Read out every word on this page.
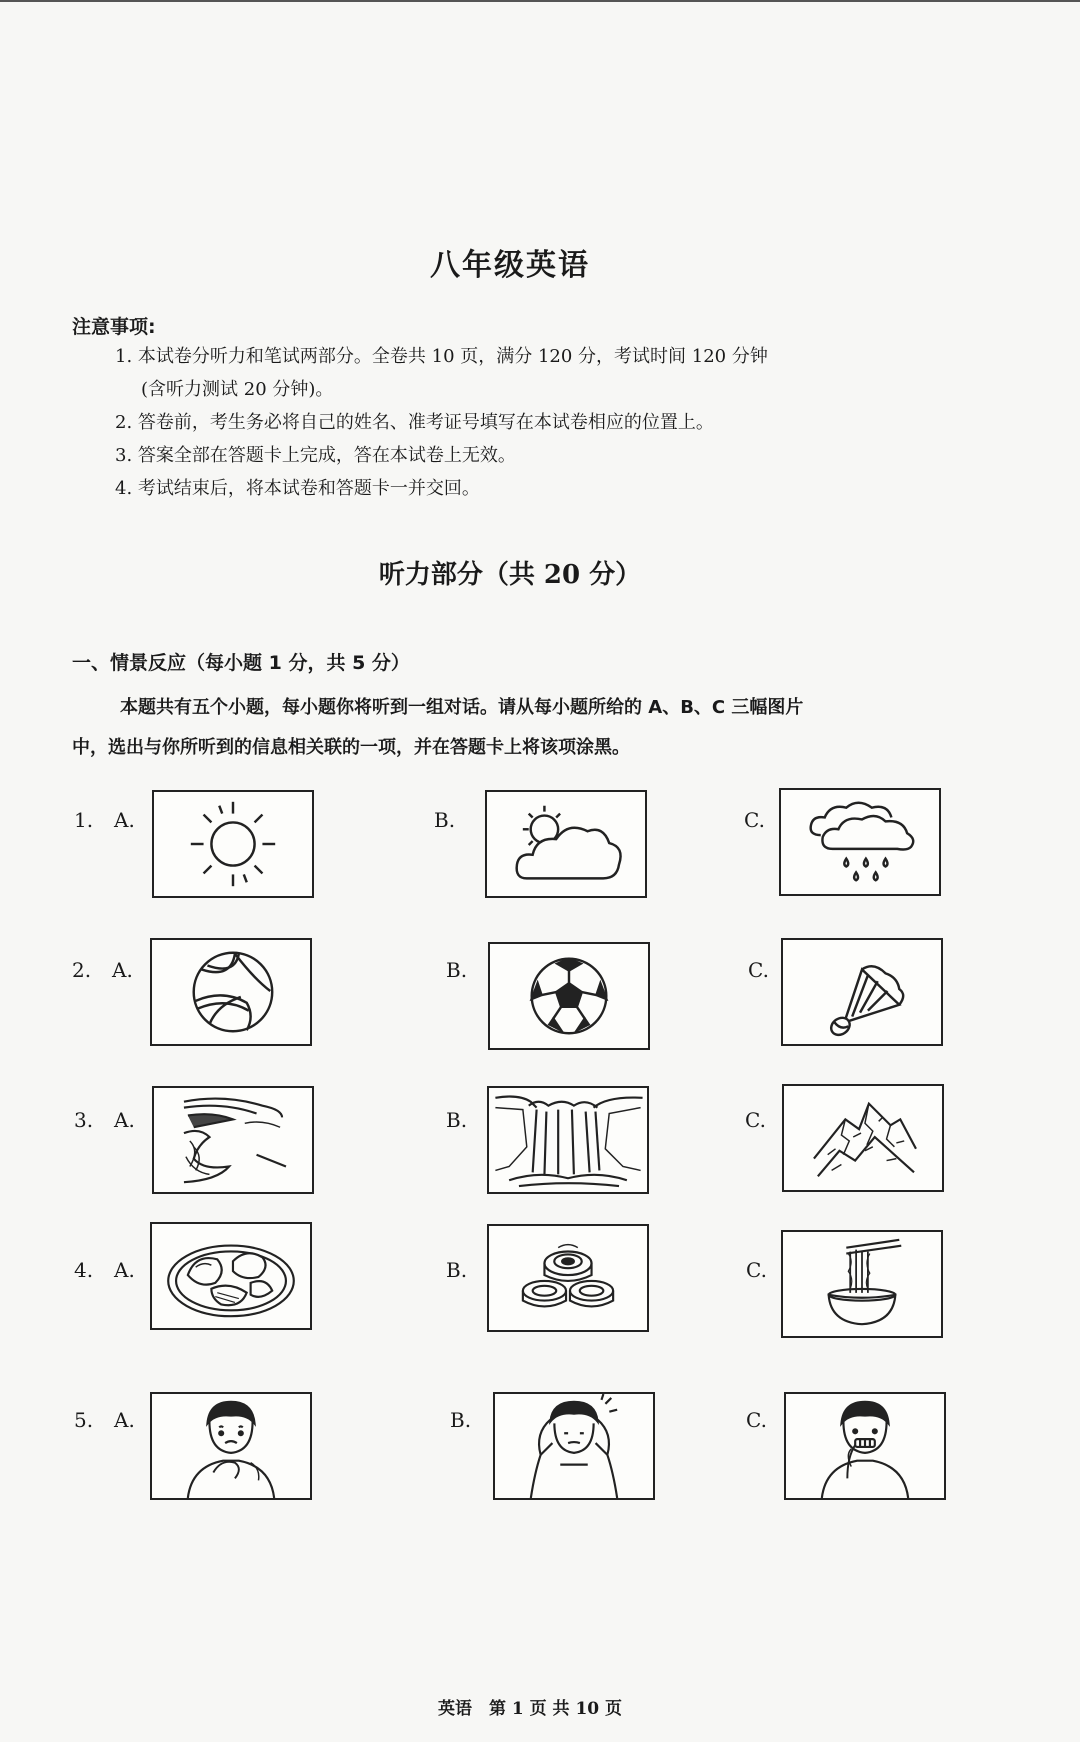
八年级英语
注意事项:
1. 本试卷分听力和笔试两部分。全卷共 10 页，满分 120 分，考试时间 120 分钟
(含听力测试 20 分钟)。
2. 答卷前，考生务必将自己的姓名、准考证号填写在本试卷相应的位置上。
3. 答案全部在答题卡上完成，答在本试卷上无效。
4. 考试结束后，将本试卷和答题卡一并交回。
听力部分（共 20 分）
一、情景反应（每小题 1 分，共 5 分）
本题共有五个小题，每小题你将听到一组对话。请从每小题所给的 A、B、C 三幅图片
中，选出与你所听到的信息相关联的一项，并在答题卡上将该项涂黑。
1. A.	B.	C.
2. A.	B.	C.
3. A.	B.	C.
4. A.	B.	C.
5. A.	B.	C.
英语　第 1 页 共 10 页
